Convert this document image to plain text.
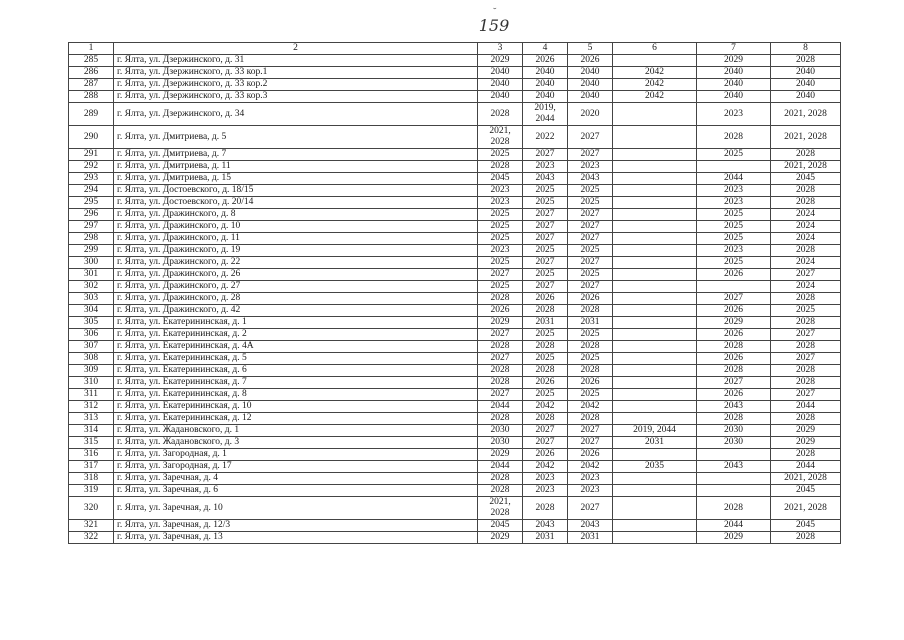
˘
159
1	2	3	4	5	6	7	8
285	г. Ялта, ул. Дзержинского, д. 31	2029	2026	2026		2029	2028
286	г. Ялта, ул. Дзержинского, д. 33 кор.1	2040	2040	2040	2042	2040	2040
287	г. Ялта, ул. Дзержинского, д. 33 кор.2	2040	2040	2040	2042	2040	2040
288	г. Ялта, ул. Дзержинского, д. 33 кор.3	2040	2040	2040	2042	2040	2040
289	г. Ялта, ул. Дзержинского, д. 34	2028	2019, 2044	2020		2023	2021, 2028
290	г. Ялта, ул. Дмитриева, д. 5	2021, 2028	2022	2027		2028	2021, 2028
291	г. Ялта, ул. Дмитриева, д. 7	2025	2027	2027		2025	2028
292	г. Ялта, ул. Дмитриева, д. 11	2028	2023	2023			2021, 2028
293	г. Ялта, ул. Дмитриева, д. 15	2045	2043	2043		2044	2045
294	г. Ялта, ул. Достоевского, д. 18/15	2023	2025	2025		2023	2028
295	г. Ялта, ул. Достоевского, д. 20/14	2023	2025	2025		2023	2028
296	г. Ялта, ул. Дражинского, д. 8	2025	2027	2027		2025	2024
297	г. Ялта, ул. Дражинского, д. 10	2025	2027	2027		2025	2024
298	г. Ялта, ул. Дражинского, д. 11	2025	2027	2027		2025	2024
299	г. Ялта, ул. Дражинского, д. 19	2023	2025	2025		2023	2028
300	г. Ялта, ул. Дражинского, д. 22	2025	2027	2027		2025	2024
301	г. Ялта, ул. Дражинского, д. 26	2027	2025	2025		2026	2027
302	г. Ялта, ул. Дражинского, д. 27	2025	2027	2027			2024
303	г. Ялта, ул. Дражинского, д. 28	2028	2026	2026		2027	2028
304	г. Ялта, ул. Дражинского, д. 42	2026	2028	2028		2026	2025
305	г. Ялта, ул. Екатерининская, д. 1	2029	2031	2031		2029	2028
306	г. Ялта, ул. Екатерининская, д. 2	2027	2025	2025		2026	2027
307	г. Ялта, ул. Екатерининская, д. 4А	2028	2028	2028		2028	2028
308	г. Ялта, ул. Екатерининская, д. 5	2027	2025	2025		2026	2027
309	г. Ялта, ул. Екатерининская, д. 6	2028	2028	2028		2028	2028
310	г. Ялта, ул. Екатерининская, д. 7	2028	2026	2026		2027	2028
311	г. Ялта, ул. Екатерининская, д. 8	2027	2025	2025		2026	2027
312	г. Ялта, ул. Екатерининская, д. 10	2044	2042	2042		2043	2044
313	г. Ялта, ул. Екатерининская, д. 12	2028	2028	2028		2028	2028
314	г. Ялта, ул. Жадановского, д. 1	2030	2027	2027	2019, 2044	2030	2029
315	г. Ялта, ул. Жадановского, д. 3	2030	2027	2027	2031	2030	2029
316	г. Ялта, ул. Загородная, д. 1	2029	2026	2026			2028
317	г. Ялта, ул. Загородная, д. 17	2044	2042	2042	2035	2043	2044
318	г. Ялта, ул. Заречная, д. 4	2028	2023	2023			2021, 2028
319	г. Ялта, ул. Заречная, д. 6	2028	2023	2023			2045
320	г. Ялта, ул. Заречная, д. 10	2021, 2028	2028	2027		2028	2021, 2028
321	г. Ялта, ул. Заречная, д. 12/3	2045	2043	2043		2044	2045
322	г. Ялта, ул. Заречная, д. 13	2029	2031	2031		2029	2028
